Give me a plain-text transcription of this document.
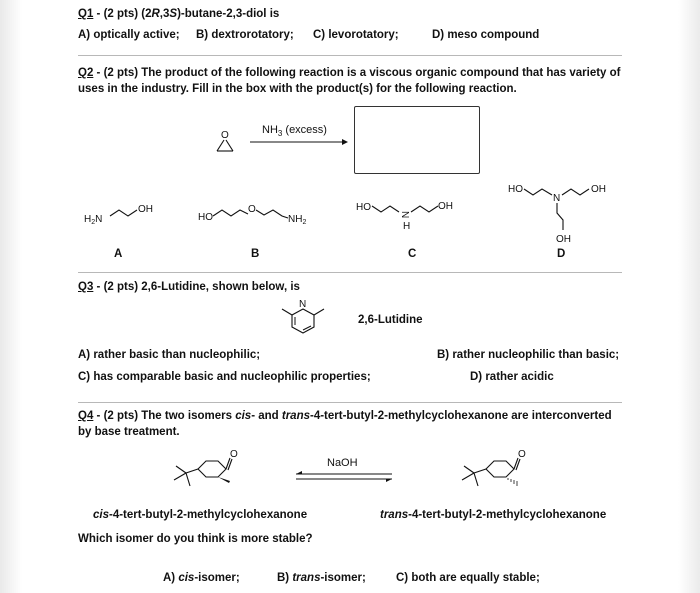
Q1 - (2 pts) (2R,3S)-butane-2,3-diol is
A) optically active; B) dextrorotatory; C) levorotatory;	D) meso compound
Q2 - (2 pts) The product of the following reaction is a viscous organic compound that has variety of
uses in the industry. Fill in the box with the product(s) for the following reaction.
O	$NH_3$ (excess)
$H_2N$
OH
A
HO
O
$NH_2$
B
HO
N
H
OH
C
HO
N
OH
OH
D
Q3 - (2 pts) 2,6-Lutidine, shown below, is
N
2,6-Lutidine
A) rather basic than nucleophilic;	B) rather nucleophilic than basic;
C) has comparable basic and nucleophilic properties;	D) rather acidic
Q4 - (2 pts) The two isomers cis- and trans-4-tert-butyl-2-methylcyclohexanone are interconverted
by base treatment.
O
NaOH
O
cis-4-tert-butyl-2-methylcyclohexanone	trans-4-tert-butyl-2-methylcyclohexanone
Which isomer do you think is more stable?
A) cis-isomer;	B) trans-isomer;	C) both are equally stable;
